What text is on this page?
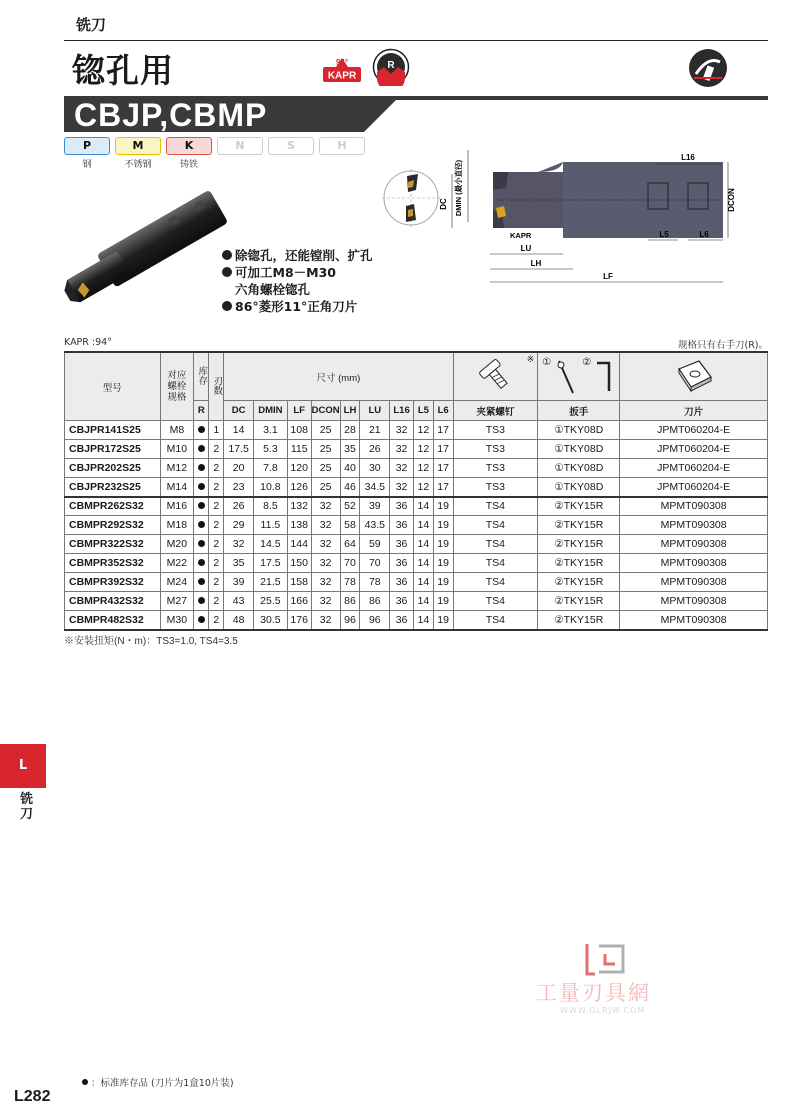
铣刀
锪孔用	94°
KAPR
R
CBJP,CBMP
P
钢
M
不锈钢
K
铸铁
N	S	H
除锪孔，还能镗削、扩孔
可加工M8－M30
六角螺栓锪孔
86°菱形11°正角刀片
DC DMIN (最小直径)	DCON
L16
L5	L6
KAPR
LU
LH
LF
KAPR :94°	规格只有右手刀(R)。
型号	对应螺栓规格	库存	刃数	尺寸 (mm)									※	① ②

		R		DC	DMIN	LF	DCON	LH	LU	L16	L5	L6	夹紧螺钉	扳手	刀片
CBJPR141S25	M8		1	14	3.1	108	25	28	21	32	12	17	TS3	①TKY08D	JPMT060204-E
CBJPR172S25	M10		2	17.5	5.3	115	25	35	26	32	12	17	TS3	①TKY08D	JPMT060204-E
CBJPR202S25	M12		2	20	7.8	120	25	40	30	32	12	17	TS3	①TKY08D	JPMT060204-E
CBJPR232S25	M14		2	23	10.8	126	25	46	34.5	32	12	17	TS3	①TKY08D	JPMT060204-E
CBMPR262S32	M16		2	26	8.5	132	32	52	39	36	14	19	TS4	②TKY15R	MPMT090308
CBMPR292S32	M18		2	29	11.5	138	32	58	43.5	36	14	19	TS4	②TKY15R	MPMT090308
CBMPR322S32	M20		2	32	14.5	144	32	64	59	36	14	19	TS4	②TKY15R	MPMT090308
CBMPR352S32	M22		2	35	17.5	150	32	70	70	36	14	19	TS4	②TKY15R	MPMT090308
CBMPR392S32	M24		2	39	21.5	158	32	78	78	36	14	19	TS4	②TKY15R	MPMT090308
CBMPR432S32	M27		2	43	25.5	166	32	86	86	36	14	19	TS4	②TKY15R	MPMT090308
CBMPR482S32	M30		2	48	30.5	176	32	96	96	36	14	19	TS4	②TKY15R	MPMT090308
※安装扭矩(N・m)：TS3=1.0, TS4=3.5
L
铣刀
工量刃具網
WWW.GLRJW.COM
：标准库存品 (刀片为1盒10片装)
L282
